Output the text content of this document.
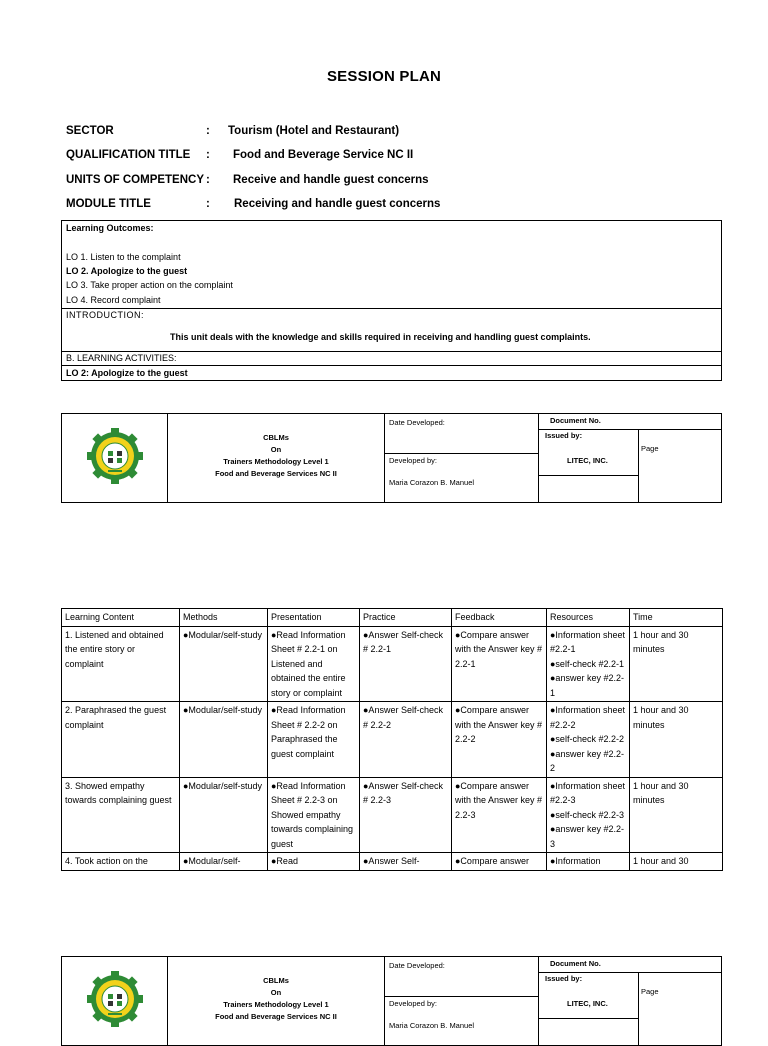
SESSION PLAN
SECTOR	: Tourism (Hotel and Restaurant)
QUALIFICATION TITLE : Food and Beverage Service NC II
UNITS OF COMPETENCY : Receive and handle guest concerns
MODULE TITLE	: Receiving and handle guest concerns
Learning Outcomes:
LO 1. Listen to the complaint
LO 2. Apologize to the guest
LO 3. Take proper action on the complaint
LO 4. Record complaint
INTRODUCTION:
This unit deals with the knowledge and skills required in receiving and handling guest complaints.
B. LEARNING ACTIVITIES:
LO 2: Apologize to the guest
Date Developed:
Developed by:
Maria Corazon B. Manuel
Document No.
Issued by:
LITEC, INC.
Page
CBLMs
On
Trainers Methodology Level 1
Food and Beverage Services NC II
Learning Content	Methods	Presentation	Practice	Feedback	Resources	Time

1. Listened and obtained the entire story or complaint	●Modular/self-study	●Read Information Sheet # 2.2-1 on Listened and obtained the entire story or complaint	●Answer Self-check # 2.2-1	●Compare answer with the Answer key # 2.2-1	●Information sheet #2.2-1
●self-check #2.2-1
●answer key #2.2-1	1 hour and 30 minutes

2. Paraphrased the guest complaint	●Modular/self-study	●Read Information Sheet # 2.2-2 on Paraphrased the guest complaint	●Answer Self-check # 2.2-2	●Compare answer with the Answer key # 2.2-2	●Information sheet #2.2-2
●self-check #2.2-2
●answer key #2.2-2	1 hour and 30 minutes

3. Showed empathy towards complaining guest	●Modular/self-study	●Read Information Sheet # 2.2-3 on Showed empathy towards complaining guest	●Answer Self-check # 2.2-3	●Compare answer with the Answer key # 2.2-3	●Information sheet #2.2-3
●self-check #2.2-3
●answer key #2.2-3	1 hour and 30 minutes

4. Took action on the	●Modular/self-	●Read	●Answer Self-	●Compare answer	●Information	1 hour and 30
Date Developed:
Developed by:
Maria Corazon B. Manuel
Document No.
Issued by:
LITEC, INC.
Page
CBLMs
On
Trainers Methodology Level 1
Food and Beverage Services NC II
